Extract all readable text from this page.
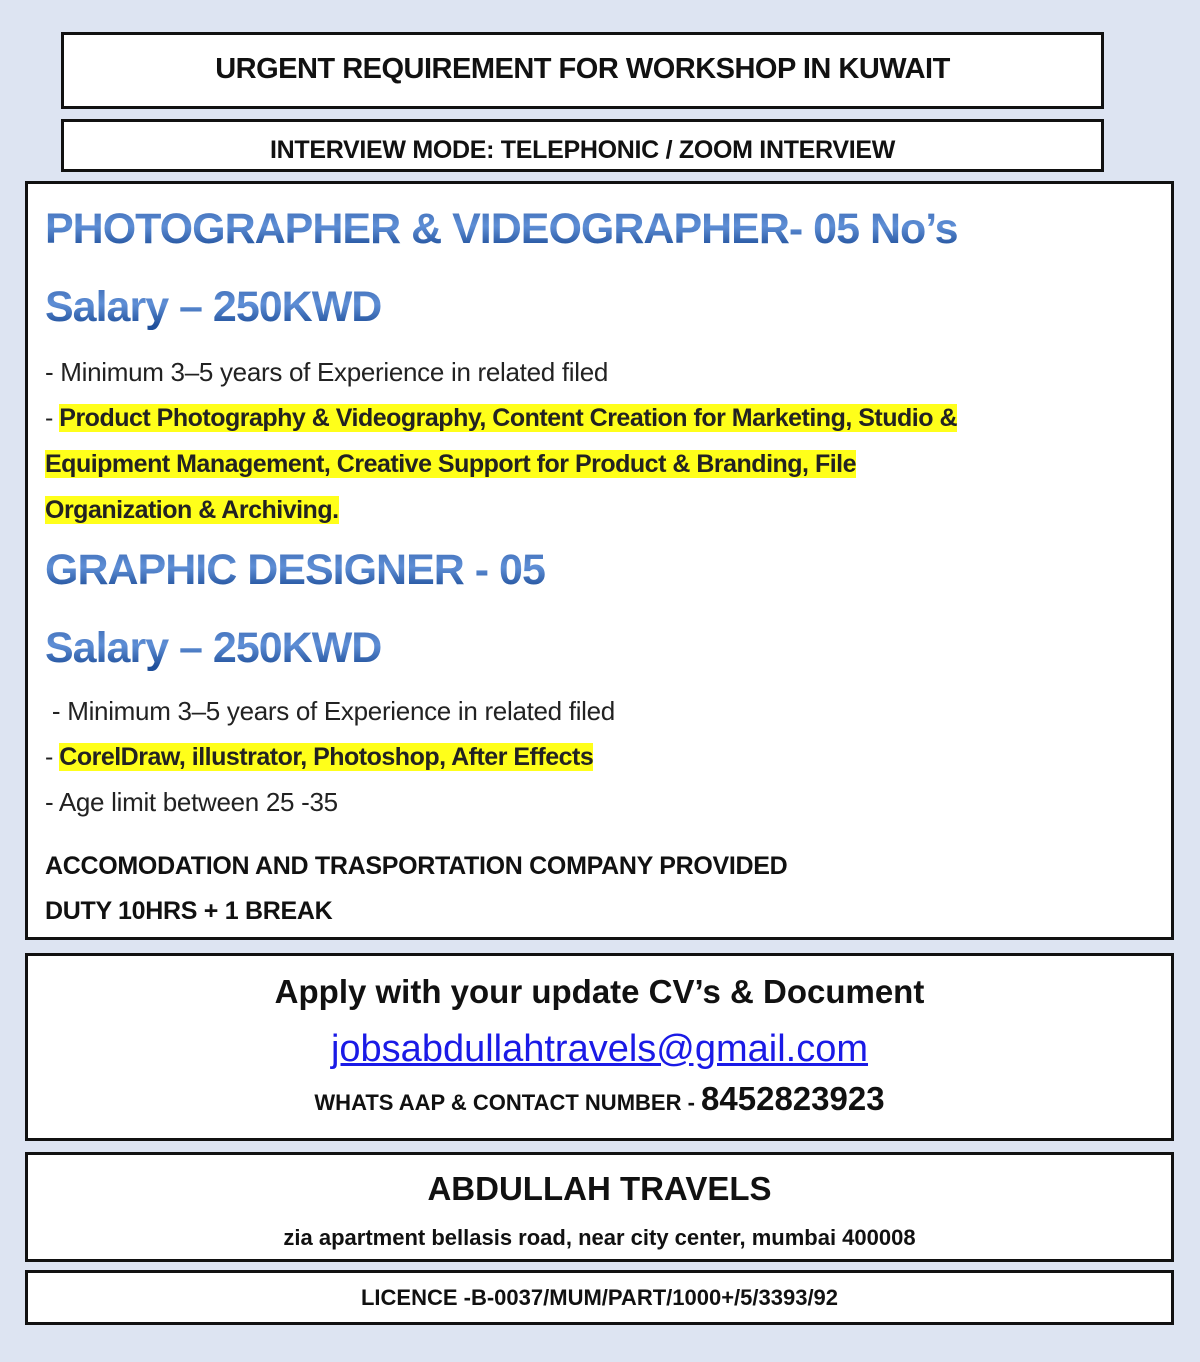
URGENT REQUIREMENT FOR WORKSHOP IN KUWAIT
INTERVIEW MODE: TELEPHONIC / ZOOM INTERVIEW
PHOTOGRAPHER & VIDEOGRAPHER- 05 No’s
Salary – 250KWD
- Minimum 3–5 years of Experience in related filed
- Product Photography & Videography, Content Creation for Marketing, Studio &
Equipment Management, Creative Support for Product & Branding, File
Organization & Archiving.
GRAPHIC DESIGNER - 05
Salary – 250KWD
- Minimum 3–5 years of Experience in related filed
- CorelDraw, illustrator, Photoshop, After Effects
- Age limit between 25 -35
ACCOMODATION AND TRASPORTATION COMPANY PROVIDED
DUTY 10HRS + 1 BREAK
Apply with your update CV’s & Document
jobsabdullahtravels@gmail.com
WHATS AAP & CONTACT NUMBER - 8452823923
ABDULLAH TRAVELS
zia apartment bellasis road, near city center, mumbai 400008
LICENCE -B-0037/MUM/PART/1000+/5/3393/92
